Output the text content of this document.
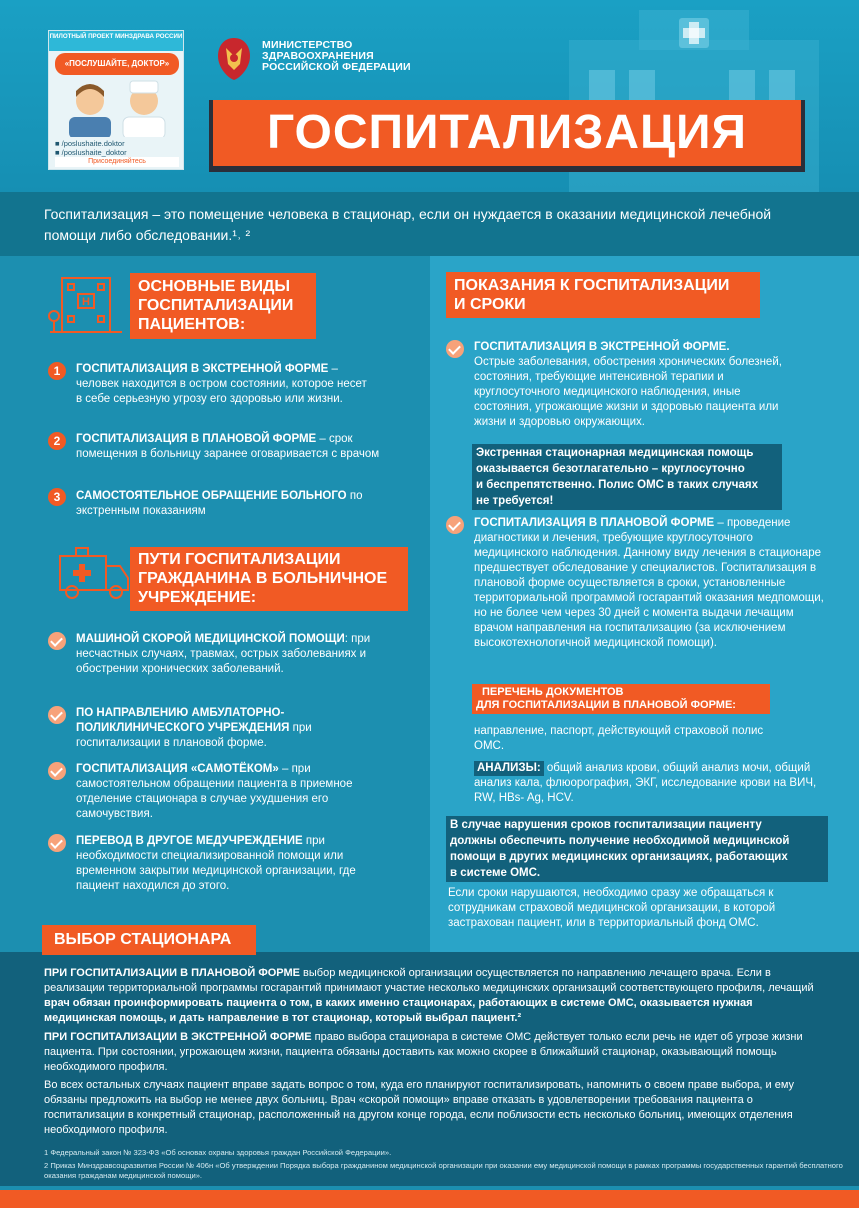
ПИЛОТНЫЙ ПРОЕКТ МИНЗДРАВА РОССИИ
«ПОСЛУШАЙТЕ, ДОКТОР»
■ /poslushaite.doktor
■ /poslushaite_doktor
Присоединяйтесь
МИНИСТЕРСТВО
ЗДРАВООХРАНЕНИЯ
РОССИЙСКОЙ ФЕДЕРАЦИИ
ГОСПИТАЛИЗАЦИЯ

Госпитализация – это помещение человека в стационар, если он нуждается в оказании медицинской лечебной помощи либо обследовании.¹˒ ²

H
ОСНОВНЫЕ ВИДЫ
ГОСПИТАЛИЗАЦИИ
ПАЦИЕНТОВ:
1	ГОСПИТАЛИЗАЦИЯ В ЭКСТРЕННОЙ ФОРМЕ – человек находится в остром состоянии, которое несет в себе серьезную угрозу его здоровью или жизни.
2	ГОСПИТАЛИЗАЦИЯ В ПЛАНОВОЙ ФОРМЕ – срок помещения в больницу заранее оговаривается с врачом
3	САМОСТОЯТЕЛЬНОЕ ОБРАЩЕНИЕ БОЛЬНОГО по экстренным показаниям
ПУТИ ГОСПИТАЛИЗАЦИИ
ГРАЖДАНИНА В БОЛЬНИЧНОЕ
УЧРЕЖДЕНИЕ:
МАШИНОЙ СКОРОЙ МЕДИЦИНСКОЙ ПОМОЩИ: при несчастных случаях, травмах, острых заболеваниях и обострении хронических заболеваний.
ПО НАПРАВЛЕНИЮ АМБУЛАТОРНО-ПОЛИКЛИНИЧЕСКОГО УЧРЕЖДЕНИЯ при госпитализации в плановой форме.
ГОСПИТАЛИЗАЦИЯ «САМОТЁКОМ» – при самостоятельном обращении пациента в приемное отделение стационара в случае ухудшения его самочувствия.
ПЕРЕВОД В ДРУГОЕ МЕДУЧРЕЖДЕНИЕ при необходимости специализированной помощи или временном закрытии медицинской организации, где пациент находился до этого.
ПОКАЗАНИЯ К ГОСПИТАЛИЗАЦИИ
И СРОКИ
ГОСПИТАЛИЗАЦИЯ В ЭКСТРЕННОЙ ФОРМЕ.
Острые заболевания, обострения хронических болезней, состояния, требующие интенсивной терапии и круглосуточного медицинского наблюдения, иные состояния, угрожающие жизни и здоровью пациента или жизни и здоровью окружающих.
Экстренная стационарная медицинская помощь
оказывается безотлагательно – круглосуточно
и беспрепятственно. Полис ОМС в таких случаях
не требуется!
ГОСПИТАЛИЗАЦИЯ В ПЛАНОВОЙ ФОРМЕ – проведение диагностики и лечения, требующие круглосуточного медицинского наблюдения. Данному виду лечения в стационаре предшествует обследование у специалистов. Госпитализация в плановой форме осуществляется в сроки, установленные территориальной программой госгарантий оказания медпомощи, но не более чем через 30 дней с момента выдачи лечащим врачом направления на госпитализацию (за исключением высокотехнологичной медицинской помощи).
ПЕРЕЧЕНЬ ДОКУМЕНТОВ
ДЛЯ ГОСПИТАЛИЗАЦИИ В ПЛАНОВОЙ ФОРМЕ:
направление, паспорт, действующий страховой полис ОМС.
АНАЛИЗЫ: общий анализ крови, общий анализ мочи, общий анализ кала, флюорография, ЭКГ, исследование крови на ВИЧ, RW, HBs- Ag, HCV.
В случае нарушения сроков госпитализации пациенту
должны обеспечить получение необходимой медицинской
помощи в других медицинских организациях, работающих
в системе ОМС.
Если сроки нарушаются, необходимо сразу же обращаться к сотрудникам страховой медицинской организации, в которой застрахован пациент, или в территориальный фонд ОМС.

ПРИ ГОСПИТАЛИЗАЦИИ В ПЛАНОВОЙ ФОРМЕ выбор медицинской организации осуществляется по направлению лечащего врача. Если в реализации территориальной программы госгарантий принимают участие несколько медицинских организаций соответствующего профиля, лечащий врач обязан проинформировать пациента о том, в каких именно стационарах, работающих в системе ОМС, оказывается нужная медицинская помощь, и дать направление в тот стационар, который выбрал пациент.²

ПРИ ГОСПИТАЛИЗАЦИИ В ЭКСТРЕННОЙ ФОРМЕ право выбора стационара в системе ОМС действует только если речь не идет об угрозе жизни пациента. При состоянии, угрожающем жизни, пациента обязаны доставить как можно скорее в ближайший стационар, оказывающий помощь необходимого профиля.

Во всех остальных случаях пациент вправе задать вопрос о том, куда его планируют госпитализировать, напомнить о своем праве выбора, и ему обязаны предложить на выбор не менее двух больниц. Врач «скорой помощи» вправе отказать в удовлетворении требования пациента о госпитализации в конкретный стационар, расположенный на другом конце города, если поблизости есть несколько больниц, имеющих отделения необходимого профиля.

ВЫБОР СТАЦИОНАРА
1 Федеральный закон № 323-ФЗ «Об основах охраны здоровья граждан Российской Федерации».
2 Приказ Минздравсоцразвития России № 406н «Об утверждении Порядка выбора гражданином медицинской организации при оказании ему медицинской помощи в рамках программы государственных гарантий бесплатного оказания гражданам медицинской помощи».
